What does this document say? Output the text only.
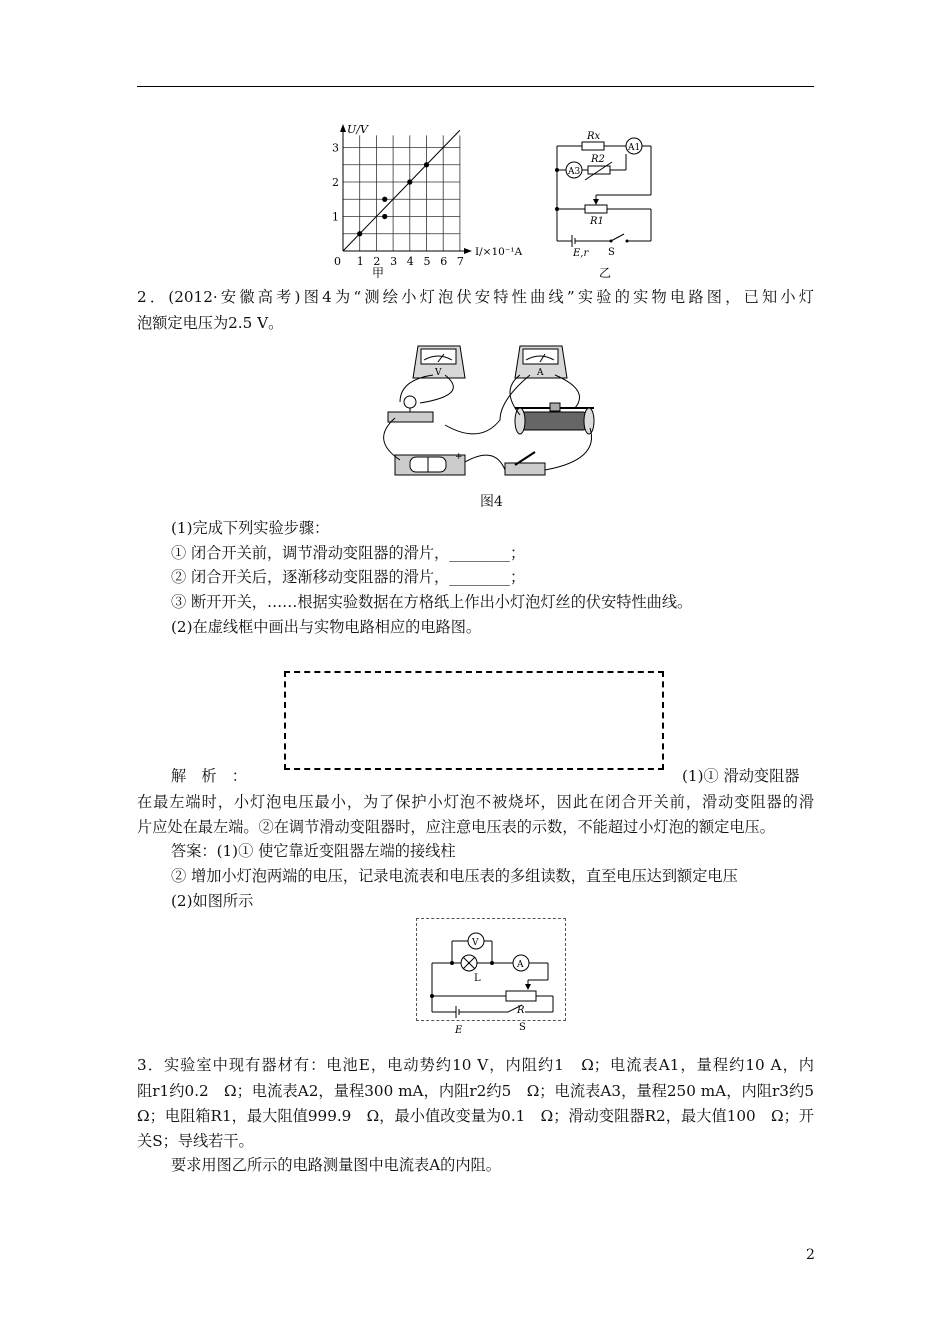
U/V
I/×10⁻¹A
0 1 2 3 4 5 6 7
1
2
3
甲
Rx
A1
A3
R2
R1
E,r S
乙
2．(2012·安徽高考)图4为“测绘小灯泡伏安特性曲线”实验的实物电路图，已知小灯
泡额定电压为2.5 V。
V	A
+
图4
(1)完成下列实验步骤：
① 闭合开关前，调节滑动变阻器的滑片，________；
② 闭合开关后，逐渐移动变阻器的滑片，________；
③ 断开开关，……根据实验数据在方格纸上作出小灯泡灯丝的伏安特性曲线。
(2)在虚线框中画出与实物电路相应的电路图。
解　析　：	(1)① 滑动变阻器
在最左端时，小灯泡电压最小，为了保护小灯泡不被烧坏，因此在闭合开关前，滑动变阻器的滑
片应处在最左端。②在调节滑动变阻器时，应注意电压表的示数，不能超过小灯泡的额定电压。
答案：(1)① 使它靠近变阻器左端的接线柱
② 增加小灯泡两端的电压，记录电流表和电压表的多组读数，直至电压达到额定电压
(2)如图所示
V
A
L
R
E	S
3．实验室中现有器材有：电池E，电动势约10 V，内阻约1　Ω；电流表A1，量程约10 A，内
阻r1约0.2　Ω；电流表A2，量程300 mA，内阻r2约5　Ω；电流表A3，量程250 mA，内阻r3约5
Ω；电阻箱R1，最大阻值999.9　Ω，最小值改变量为0.1　Ω；滑动变阻器R2，最大值100　Ω；开
关S；导线若干。
要求用图乙所示的电路测量图中电流表A的内阻。
2
